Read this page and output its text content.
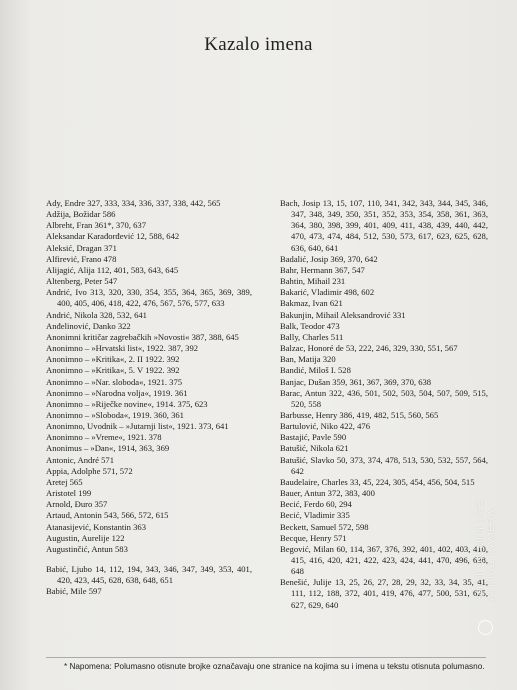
Kazalo imena

Ady, Endre 327, 333, 334, 336, 337, 338, 442, 565

Adžija, Božidar 586

Albreht, Fran 361*, 370, 637

Aleksandar Karađorđević 12, 588, 642

Aleksić, Dragan 371

Alfirević, Frano 478

Alijagić, Alija 112, 401, 583, 643, 645

Altenberg, Peter 547

Andrić, Ivo 313, 320, 330, 354, 355, 364, 365, 369, 389, 400, 405, 406, 418, 422, 476, 567, 576, 577, 633

Andrić, Nikola 328, 532, 641

Anđelinović, Danko 322

Anonimni kritičar zagrebačkih »Novosti« 387, 388, 645

Anonimno – »Hrvatski list«, 1922. 387, 392

Anonimno – »Kritika«, 2. II 1922. 392

Anonimno – »Kritika«, 5. V 1922. 392

Anonimno – »Nar. sloboda«, 1921. 375

Anonimno – »Narodna volja«, 1919. 361

Anonimno – »Riječke novine«, 1914. 375, 623

Anonimno – »Sloboda«, 1919. 360, 361

Anonimno, Uvodnik – »Jutarnji list«, 1921. 373, 641

Anonimno – »Vreme«, 1921. 378

Anonimus – »Dan«, 1914, 363, 369

Antonic, André 571

Appia, Adolphe 571, 572

Aretej 565

Aristotel 199

Arnold, Đuro 357

Artaud, Antonin 543, 566, 572, 615

Atanasijević, Konstantin 363

Augustin, Aurelije 122

Augustinčić, Antun 583

Babić, Ljubo 14, 112, 194, 343, 346, 347, 349, 353, 401, 420, 423, 445, 628, 638, 648, 651

Babić, Mile 597

Bach, Josip 13, 15, 107, 110, 341, 342, 343, 344, 345, 346, 347, 348, 349, 350, 351, 352, 353, 354, 358, 361, 363, 364, 380, 398, 399, 401, 409, 411, 438, 439, 440, 442, 470, 473, 474, 484, 512, 530, 573, 617, 623, 625, 628, 636, 640, 641

Badalić, Josip 369, 370, 642

Bahr, Hermann 367, 547

Bahtin, Mihail 231

Bakarić, Vladimir 498, 602

Bakmaz, Ivan 621

Bakunjin, Mihail Aleksandrović 331

Balk, Teodor 473

Bally, Charles 511

Balzac, Honoré de 53, 222, 246, 329, 330, 551, 567

Ban, Matija 320

Bandić, Miloš I. 528

Banjac, Dušan 359, 361, 367, 369, 370, 638

Barac, Antun 322, 436, 501, 502, 503, 504, 507, 509, 515, 520, 558

Barbusse, Henry 386, 419, 482, 515, 560, 565

Bartulović, Niko 422, 476

Bastajić, Pavle 590

Batušić, Nikola 621

Batušić, Slavko 50, 373, 374, 478, 513, 530, 532, 557, 564, 642

Baudelaire, Charles 33, 45, 224, 305, 454, 456, 504, 515

Bauer, Antun 372, 383, 400

Becić, Ferdo 60, 294

Becić, Vladimir 335

Beckett, Samuel 572, 598

Becque, Henry 571

Begović, Milan 60, 114, 367, 376, 392, 401, 402, 403, 410, 415, 416, 420, 421, 422, 423, 424, 441, 470, 496, 638, 648

Benešić, Julije 13, 25, 26, 27, 28, 29, 32, 33, 34, 35, 41, 111, 112, 188, 372, 401, 419, 476, 477, 500, 531, 625, 627, 629, 640

* Napomena: Polumasno otisnute brojke označavaju one stranice na kojima su i imena u tekstu otisnuta polumasno.
SHOT ON MI 8 LITE AI DUAL CAMERA
